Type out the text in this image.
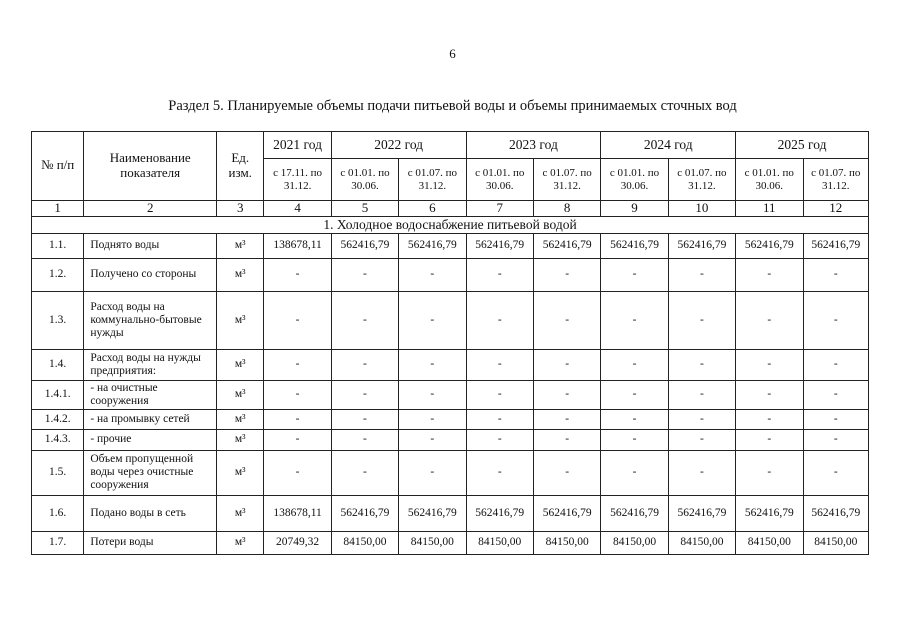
6
Раздел 5. Планируемые объемы подачи питьевой воды и объемы принимаемых сточных вод
№ п/п	Наименование показателя	Ед. изм.	2021 год	2022 год		2023 год		2024 год		2025 год	
			с 17.11. по 31.12.	с 01.01. по 30.06.	с 01.07. по 31.12.	с 01.01. по 30.06.	с 01.07. по 31.12.	с 01.01. по 30.06.	с 01.07. по 31.12.	с 01.01. по 30.06.	с 01.07. по 31.12.
1	2	3	4	5	6	7	8	9	10	11	12
1. Холодное водоснабжение питьевой водой											
1.1.	Поднято воды	м³	138678,11	562416,79	562416,79	562416,79	562416,79	562416,79	562416,79	562416,79	562416,79
1.2.	Получено со стороны	м³	-	-	-	-	-	-	-	-	-
1.3.	Расход воды на коммунально-бытовые нужды	м³	-	-	-	-	-	-	-	-	-
1.4.	Расход воды на нужды предприятия:	м³	-	-	-	-	-	-	-	-	-
1.4.1.	- на очистные сооружения	м³	-	-	-	-	-	-	-	-	-
1.4.2.	- на промывку сетей	м³	-	-	-	-	-	-	-	-	-
1.4.3.	- прочие	м³	-	-	-	-	-	-	-	-	-
1.5.	Объем пропущенной воды через очистные сооружения	м³	-	-	-	-	-	-	-	-	-
1.6.	Подано воды в сеть	м³	138678,11	562416,79	562416,79	562416,79	562416,79	562416,79	562416,79	562416,79	562416,79
1.7.	Потери воды	м³	20749,32	84150,00	84150,00	84150,00	84150,00	84150,00	84150,00	84150,00	84150,00
